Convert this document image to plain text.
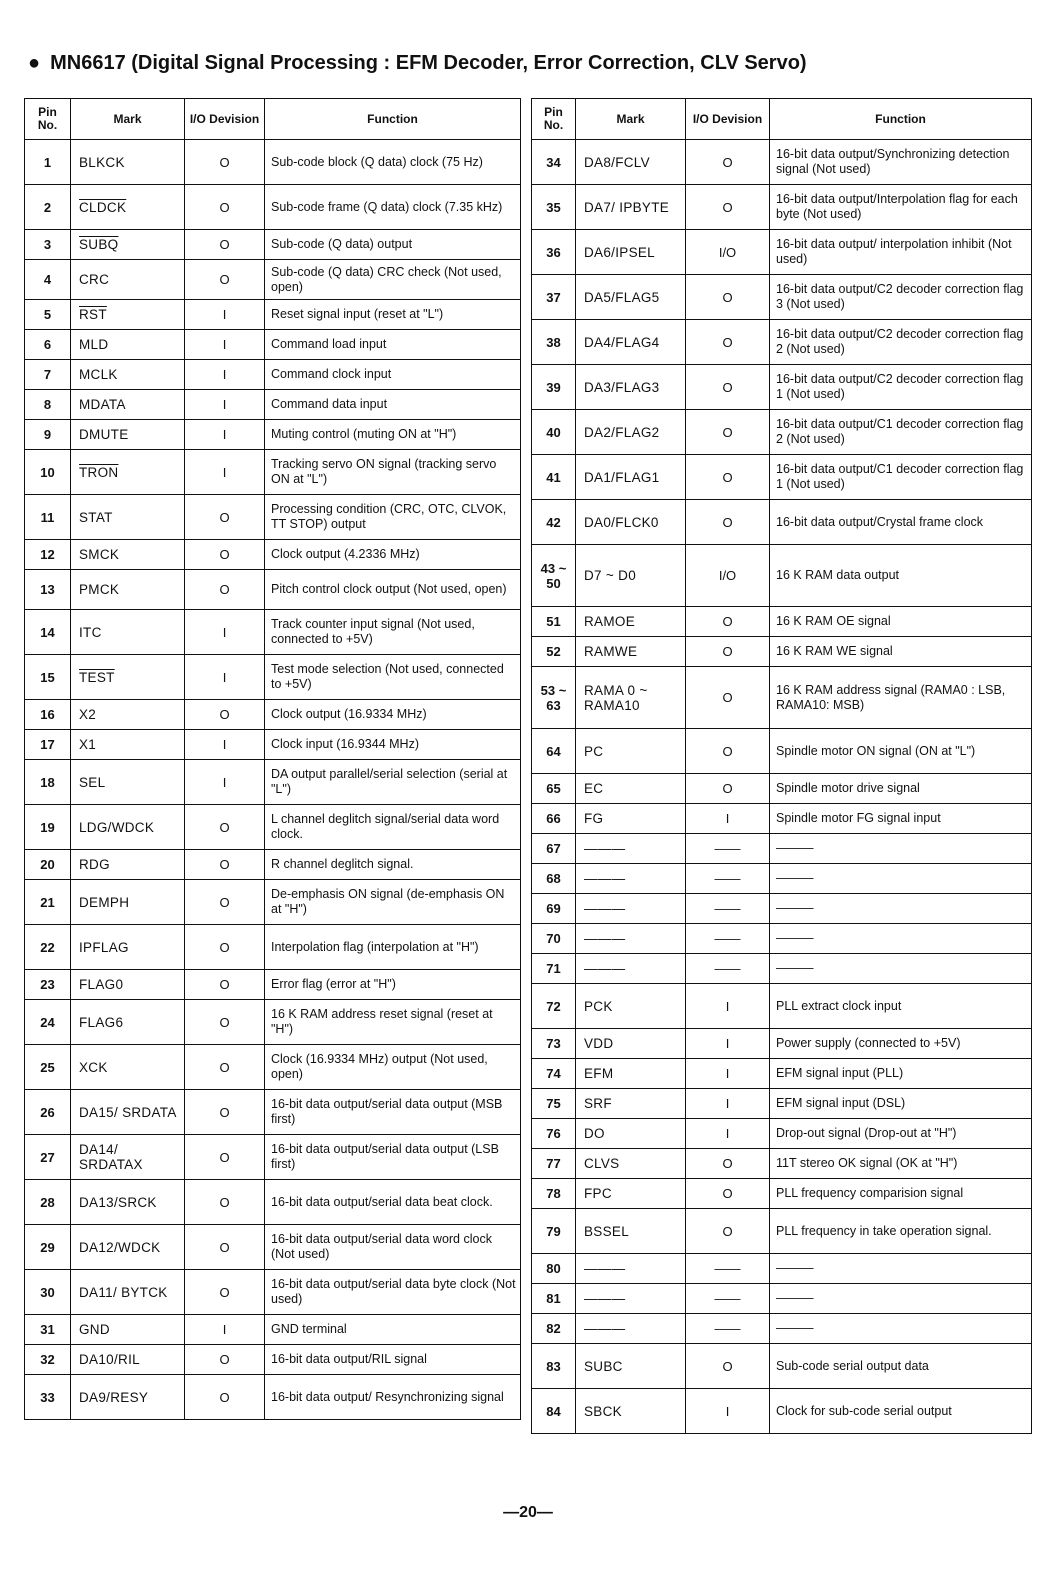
● MN6617 (Digital Signal Processing : EFM Decoder, Error Correction, CLV Servo)
Pin No.	Mark	I/O Devision	Function
1	BLKCK	O	Sub-code block (Q data) clock (75 Hz)
2	CLDCK	O	Sub-code frame (Q data) clock (7.35 kHz)
3	SUBQ	O	Sub-code (Q data) output
4	CRC	O	Sub-code (Q data) CRC check (Not used, open)
5	$\overline{RST}$	I	Reset signal input (reset at "L")
6	MLD	I	Command load input
7	MCLK	I	Command clock input
8	MDATA	I	Command data input
9	DMUTE	I	Muting control (muting ON at "H")
10	TRON	I	Tracking servo ON signal (tracking servo ON at "L")
11	STAT	O	Processing condition (CRC, OTC, CLVOK, TT STOP) output
12	SMCK	O	Clock output (4.2336 MHz)
13	PMCK	O	Pitch control clock output (Not used, open)
14	ITC	I	Track counter input signal (Not used, connected to +5V)
15	TEST	I	Test mode selection (Not used, connected to +5V)
16	X2	O	Clock output (16.9334 MHz)
17	X1	I	Clock input (16.9344 MHz)
18	SEL	I	DA output parallel/serial selection (serial at "L")
19	LDG/WDCK	O	L channel deglitch signal/serial data word clock.
20	RDG	O	R channel deglitch signal.
21	DEMPH	O	De-emphasis ON signal (de-emphasis ON at "H")
22	IPFLAG	O	Interpolation flag (interpolation at "H")
23	FLAG0	O	Error flag (error at "H")
24	FLAG6	O	16 K RAM address reset signal (reset at "H")
25	XCK	O	Clock (16.9334 MHz) output (Not used, open)
26	DA15/ SRDATA	O	16-bit data output/serial data output (MSB first)
27	DA14/ SRDATAX	O	16-bit data output/serial data output (LSB first)
28	DA13/SRCK	O	16-bit data output/serial data beat clock.
29	DA12/WDCK	O	16-bit data output/serial data word clock (Not used)
30	DA11/ BYTCK	O	16-bit data output/serial data byte clock (Not used)
31	GND	I	GND terminal
32	DA10/RIL	O	16-bit data output/RIL signal
33	DA9/RESY	O	16-bit data output/ Resynchronizing signal
Pin No.	Mark	I/O Devision	Function
34	DA8/FCLV	O	16-bit data output/Synchronizing detection signal (Not used)
35	DA7/ IPBYTE	O	16-bit data output/Interpolation flag for each byte (Not used)
36	DA6/IPSEL	I/O	16-bit data output/ interpolation inhibit (Not used)
37	DA5/FLAG5	O	16-bit data output/C2 decoder correction flag 3 (Not used)
38	DA4/FLAG4	O	16-bit data output/C2 decoder correction flag 2 (Not used)
39	DA3/FLAG3	O	16-bit data output/C2 decoder correction flag 1 (Not used)
40	DA2/FLAG2	O	16-bit data output/C1 decoder correction flag 2 (Not used)
41	DA1/FLAG1	O	16-bit data output/C1 decoder correction flag 1 (Not used)
42	DA0/FLCK0	O	16-bit data output/Crystal frame clock
43 ~ 50	D7 ~ D0	I/O	16 K RAM data output
51	RAMOE	O	16 K RAM OE signal
52	RAMWE	O	16 K RAM WE signal
53 ~ 63	RAMA 0 ~ RAMA10	O	16 K RAM address signal (RAMA0 : LSB, RAMA10: MSB)
64	PC	O	Spindle motor ON signal (ON at "L")
65	EC	O	Spindle motor drive signal
66	FG	I	Spindle motor FG signal input
67	———	——	———
68	———	——	———
69	———	——	———
70	———	——	———
71	———	——	———
72	PCK	I	PLL extract clock input
73	VDD	I	Power supply (connected to +5V)
74	EFM	I	EFM signal input (PLL)
75	SRF	I	EFM signal input (DSL)
76	DO	I	Drop-out signal (Drop-out at "H")
77	CLVS	O	11T stereo OK signal (OK at "H")
78	FPC	O	PLL frequency comparision signal
79	BSSEL	O	PLL frequency in take operation signal.
80	———	——	———
81	———	——	———
82	———	——	———
83	SUBC	O	Sub-code serial output data
84	SBCK	I	Clock for sub-code serial output
—20—
